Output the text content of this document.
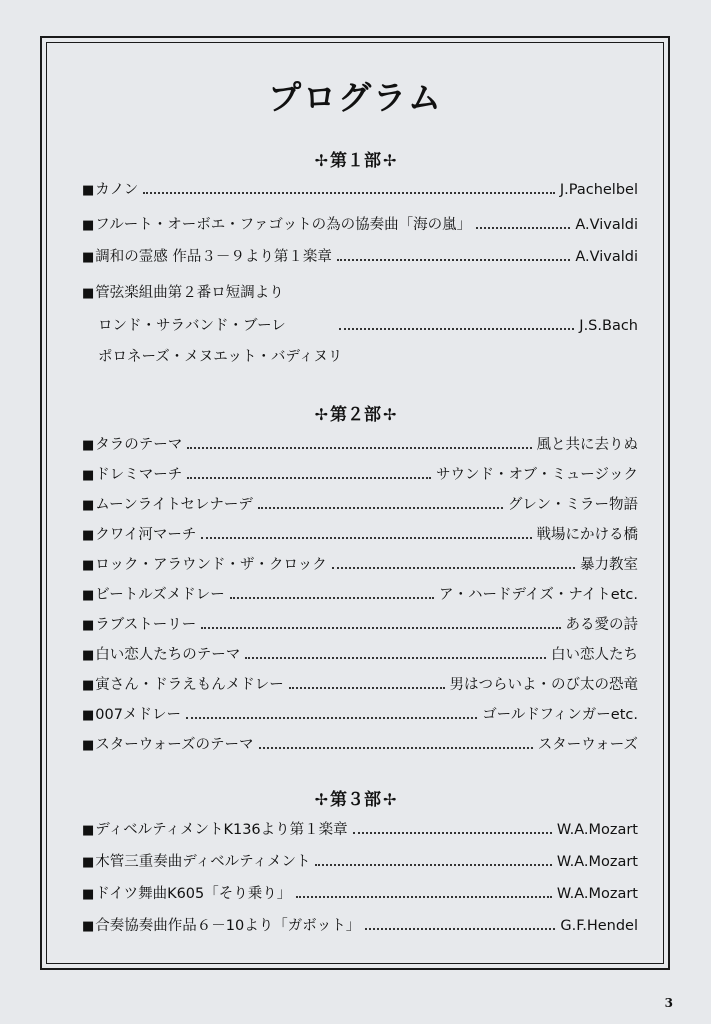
プログラム
✢ 第１部 ✢
■ カノン	J.Pachelbel
■ フルート・オーボエ・ファゴットの為の協奏曲「海の嵐」	A.Vivaldi
■ 調和の霊感 作品３－９より第１楽章	A.Vivaldi
■ 管弦楽組曲第２番ロ短調より
ロンド・サラバンド・ブーレ	J.S.Bach
ポロネーズ・メヌエット・バディヌリ
✢ 第２部 ✢
■ タラのテーマ	風と共に去りぬ
■ ドレミマーチ	サウンド・オブ・ミュージック
■ ムーンライトセレナーデ	グレン・ミラー物語
■ クワイ河マーチ	戦場にかける橋
■ ロック・アラウンド・ザ・クロック	暴力教室
■ ビートルズメドレー	ア・ハードデイズ・ナイトetc.
■ ラブストーリー	ある愛の詩
■ 白い恋人たちのテーマ	白い恋人たち
■ 寅さん・ドラえもんメドレー	男はつらいよ・のび太の恐竜
■ 007メドレー	ゴールドフィンガーetc.
■ スターウォーズのテーマ	スターウォーズ
✢ 第３部 ✢
■ ディベルティメントK136より第１楽章	W.A.Mozart
■ 木管三重奏曲ディベルティメント	W.A.Mozart
■ ドイツ舞曲K605「そり乗り」	W.A.Mozart
■ 合奏協奏曲作品６－10より「ガボット」	G.F.Hendel
3
